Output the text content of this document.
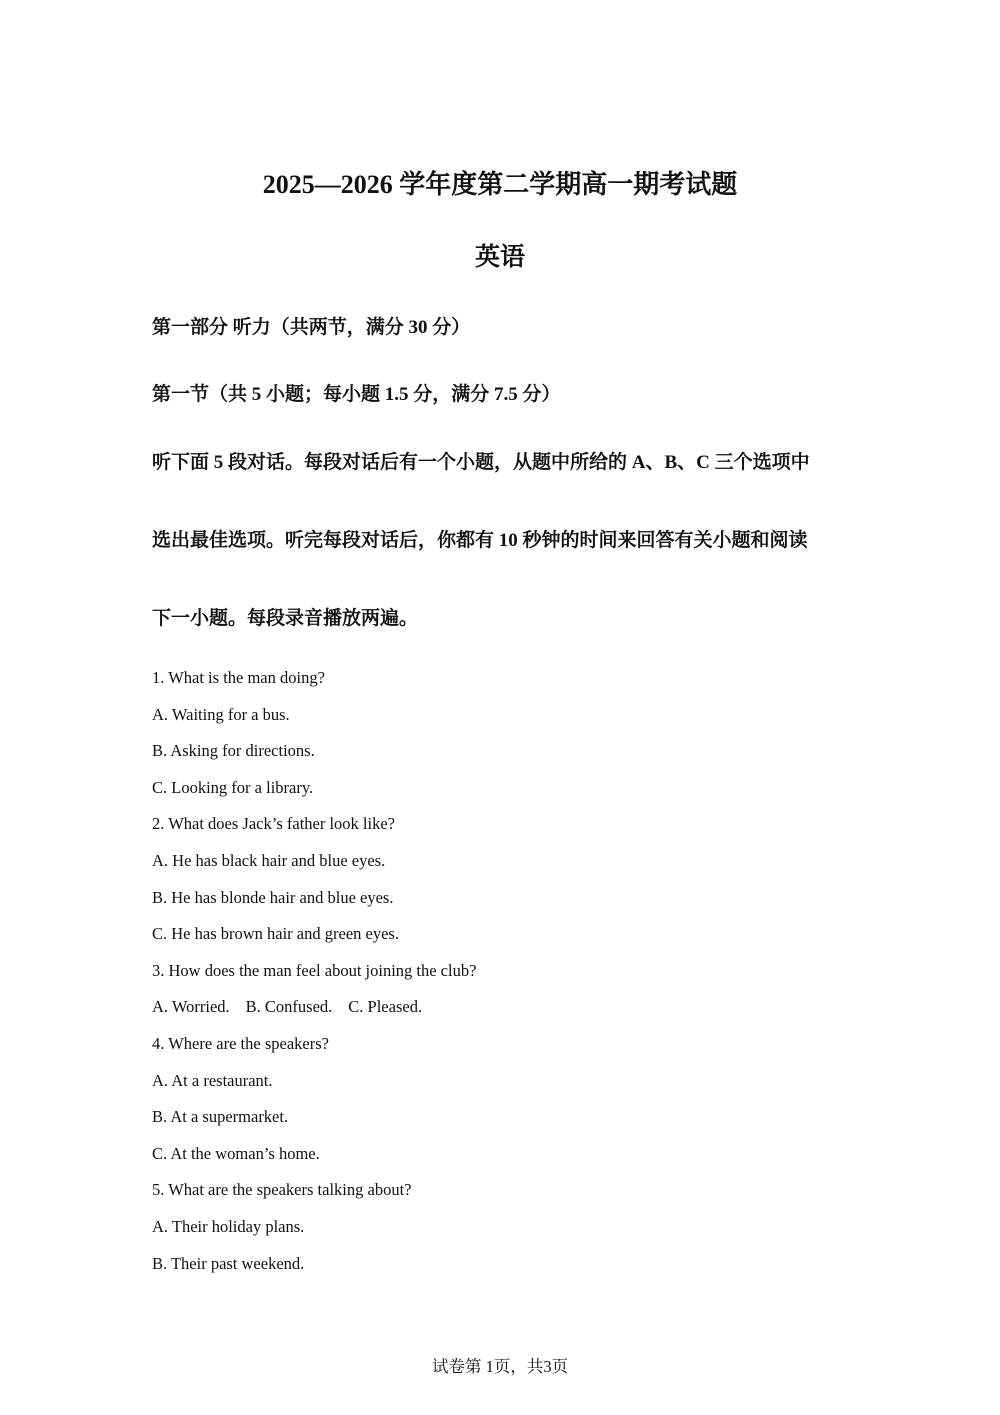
2025—2026 学年度第二学期高一期考试题
英语
第一部分 听力（共两节，满分 30 分）
第一节（共 5 小题；每小题 1.5 分，满分 7.5 分）
听下面 5 段对话。每段对话后有一个小题，从题中所给的 A、B、C 三个选项中
选出最佳选项。听完每段对话后，你都有 10 秒钟的时间来回答有关小题和阅读
下一小题。每段录音播放两遍。
1. What is the man doing?
A. Waiting for a bus.
B. Asking for directions.
C. Looking for a library.
2. What does Jack’s father look like?
A. He has black hair and blue eyes.
B. He has blonde hair and blue eyes.
C. He has brown hair and green eyes.
3. How does the man feel about joining the club?
A. Worried. B. Confused. C. Pleased.
4. Where are the speakers?
A. At a restaurant.
B. At a supermarket.
C. At the woman’s home.
5. What are the speakers talking about?
A. Their holiday plans.
B. Their past weekend.
试卷第 1页，共3页
